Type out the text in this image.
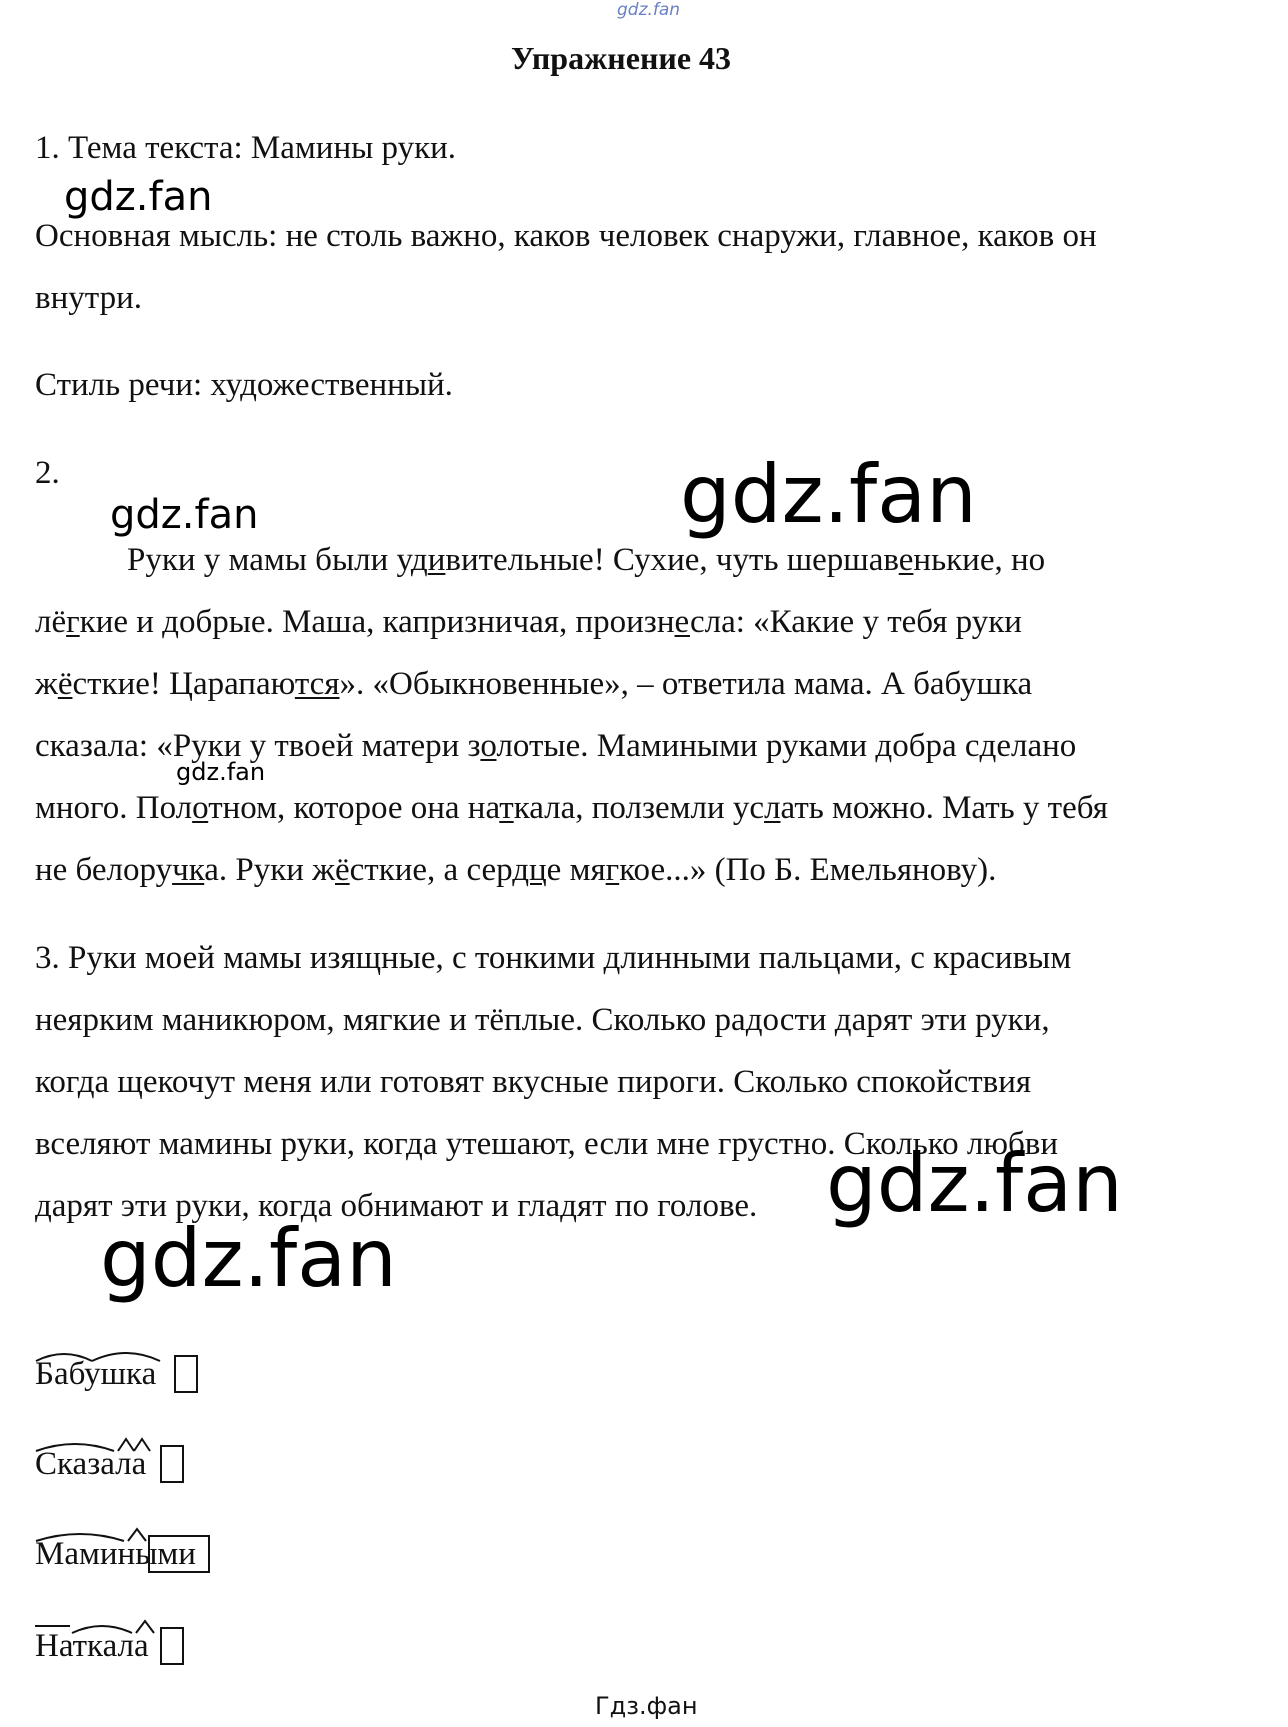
gdz.fan
Упражнение 43
1. Тема текста: Мамины руки.
Основная мысль: не столь важно, каков человек снаружи, главное, каков он
внутри.
Стиль речи: художественный.
2.
Руки у мамы были удивительные! Сухие, чуть шершавенькие, но
лёгкие и добрые. Маша, капризничая, произнесла: «Какие у тебя руки
жёсткие! Царапаются». «Обыкновенные», – ответила мама. А бабушка
сказала: «Руки у твоей матери золотые. Мамиными руками добра сделано
много. Полотном, которое она наткала, полземли услать можно. Мать у тебя
не белоручка. Руки жёсткие, а сердце мягкое...» (По Б. Емельянову).
3. Руки моей мамы изящные, с тонкими длинными пальцами, с красивым
неярким маникюром, мягкие и тёплые. Сколько радости дарят эти руки,
когда щекочут меня или готовят вкусные пироги. Сколько спокойствия
вселяют мамины руки, когда утешают, если мне грустно. Сколько любви
дарят эти руки, когда обнимают и гладят по голове.
Бабушка
Сказала
Мамиными
Наткала
gdz.fan
gdz.fan	gdz.fan
gdz.fan
gdz.fan
gdz.fan
Гдз.фан
